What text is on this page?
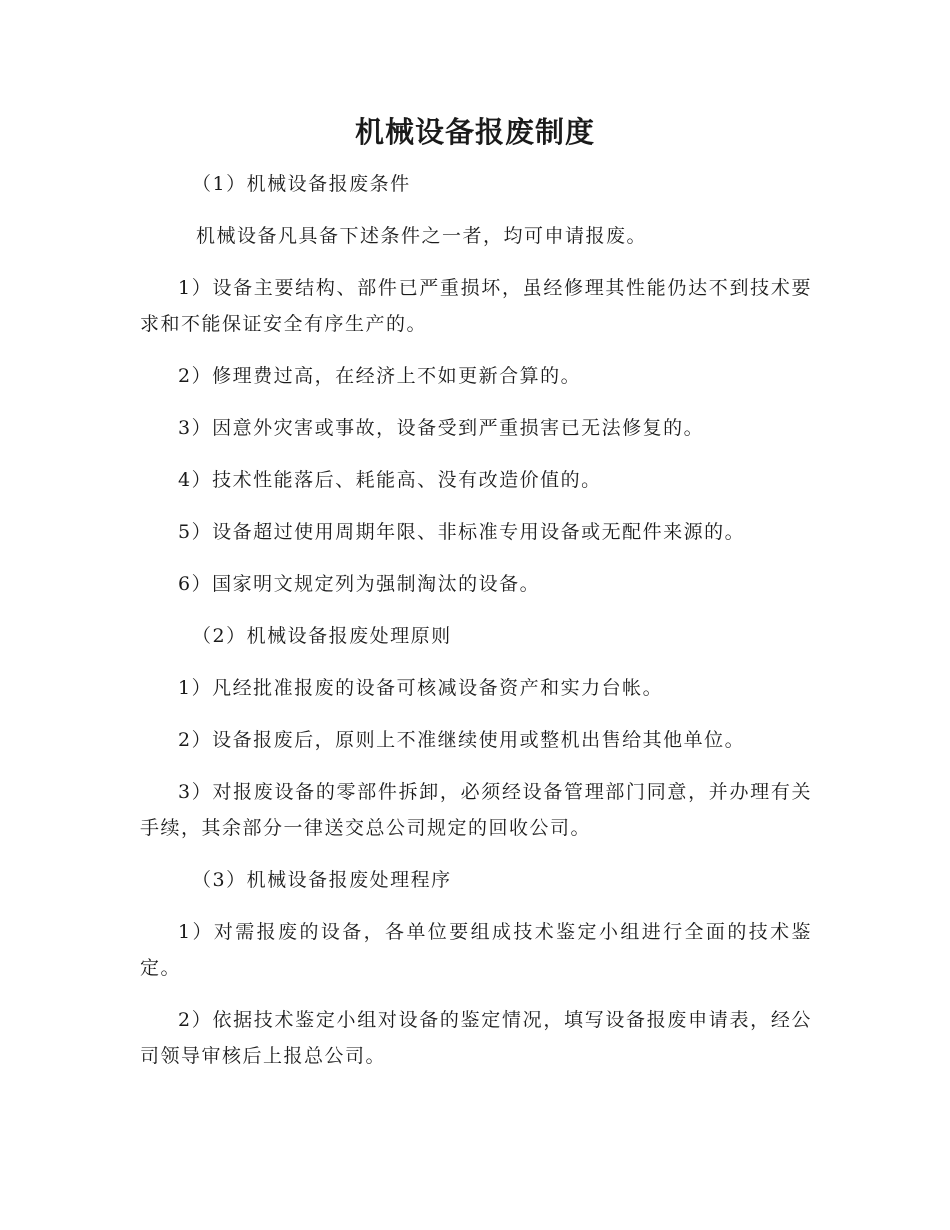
机械设备报废制度

（1）机械设备报废条件

机械设备凡具备下述条件之一者，均可申请报废。

1）设备主要结构、部件已严重损坏，虽经修理其性能仍达不到技术要求和不能保证安全有序生产的。

2）修理费过高，在经济上不如更新合算的。

3）因意外灾害或事故，设备受到严重损害已无法修复的。

4）技术性能落后、耗能高、没有改造价值的。

5）设备超过使用周期年限、非标准专用设备或无配件来源的。

6）国家明文规定列为强制淘汰的设备。

（2）机械设备报废处理原则

1）凡经批准报废的设备可核减设备资产和实力台帐。

2）设备报废后，原则上不准继续使用或整机出售给其他单位。

3）对报废设备的零部件拆卸，必须经设备管理部门同意，并办理有关手续，其余部分一律送交总公司规定的回收公司。

（3）机械设备报废处理程序

1）对需报废的设备，各单位要组成技术鉴定小组进行全面的技术鉴定。

2）依据技术鉴定小组对设备的鉴定情况，填写设备报废申请表，经公司领导审核后上报总公司。
